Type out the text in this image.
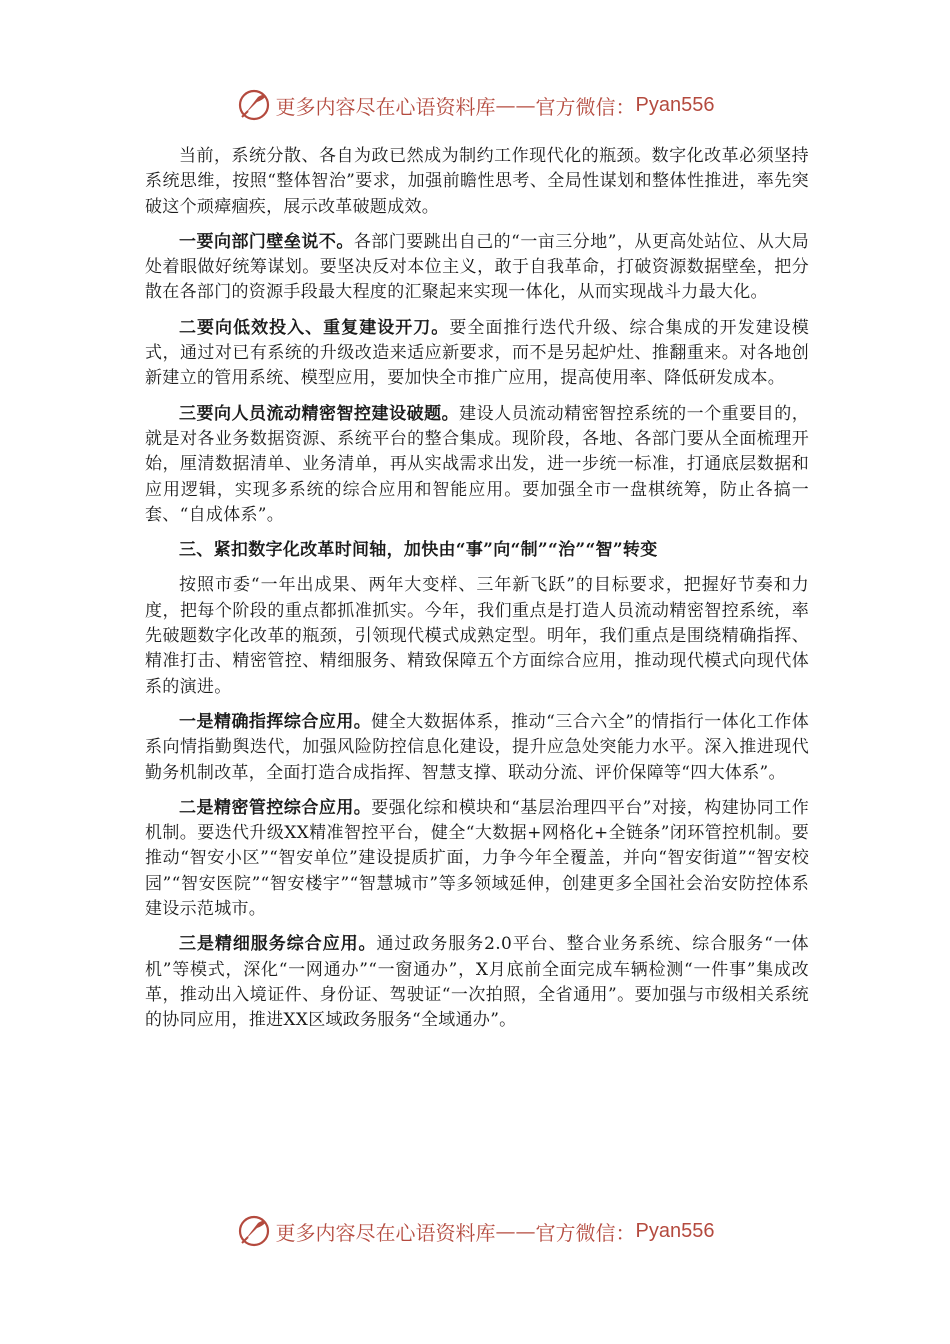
更多内容尽在心语资料库 —— 官方微信： Pyan556

当前，系统分散、各自为政已然成为制约工作现代化的瓶颈。数字化改革必须坚持系统思维，按照“整体智治”要求，加强前瞻性思考、全局性谋划和整体性推进，率先突破这个顽瘴痼疾，展示改革破题成效。

一要向部门壁垒说不。各部门要跳出自己的“一亩三分地”，从更高处站位、从大局处着眼做好统筹谋划。要坚决反对本位主义，敢于自我革命，打破资源数据壁垒，把分散在各部门的资源手段最大程度的汇聚起来实现一体化，从而实现战斗力最大化。

二要向低效投入、重复建设开刀。要全面推行迭代升级、综合集成的开发建设模式，通过对已有系统的升级改造来适应新要求，而不是另起炉灶、推翻重来。对各地创新建立的管用系统、模型应用，要加快全市推广应用，提高使用率、降低研发成本。

三要向人员流动精密智控建设破题。建设人员流动精密智控系统的一个重要目的，就是对各业务数据资源、系统平台的整合集成。现阶段，各地、各部门要从全面梳理开始，厘清数据清单、业务清单，再从实战需求出发，进一步统一标准，打通底层数据和应用逻辑，实现多系统的综合应用和智能应用。要加强全市一盘棋统筹，防止各搞一套、“自成体系”。

三、紧扣数字化改革时间轴，加快由“事”向“制”“治”“智”转变

按照市委“一年出成果、两年大变样、三年新飞跃”的目标要求，把握好节奏和力度，把每个阶段的重点都抓准抓实。今年，我们重点是打造人员流动精密智控系统，率先破题数字化改革的瓶颈，引领现代模式成熟定型。明年，我们重点是围绕精确指挥、精准打击、精密管控、精细服务、精致保障五个方面综合应用，推动现代模式向现代体系的演进。

一是精确指挥综合应用。健全大数据体系，推动“三合六全”的情指行一体化工作体系向情指勤舆迭代，加强风险防控信息化建设，提升应急处突能力水平。深入推进现代勤务机制改革，全面打造合成指挥、智慧支撑、联动分流、评价保障等“四大体系”。

二是精密管控综合应用。要强化综和模块和“基层治理四平台”对接，构建协同工作机制。要迭代升级XX精准智控平台，健全“大数据+网格化+全链条”闭环管控机制。要推动“智安小区”“智安单位”建设提质扩面，力争今年全覆盖，并向“智安街道”“智安校园”“智安医院”“智安楼宇”“智慧城市”等多领域延伸，创建更多全国社会治安防控体系建设示范城市。

三是精细服务综合应用。通过政务服务2.0平台、整合业务系统、综合服务“一体机”等模式，深化“一网通办”“一窗通办”，X月底前全面完成车辆检测“一件事”集成改革，推动出入境证件、身份证、驾驶证“一次拍照，全省通用”。要加强与市级相关系统的协同应用，推进XX区域政务服务“全域通办”。

更多内容尽在心语资料库 —— 官方微信： Pyan556
